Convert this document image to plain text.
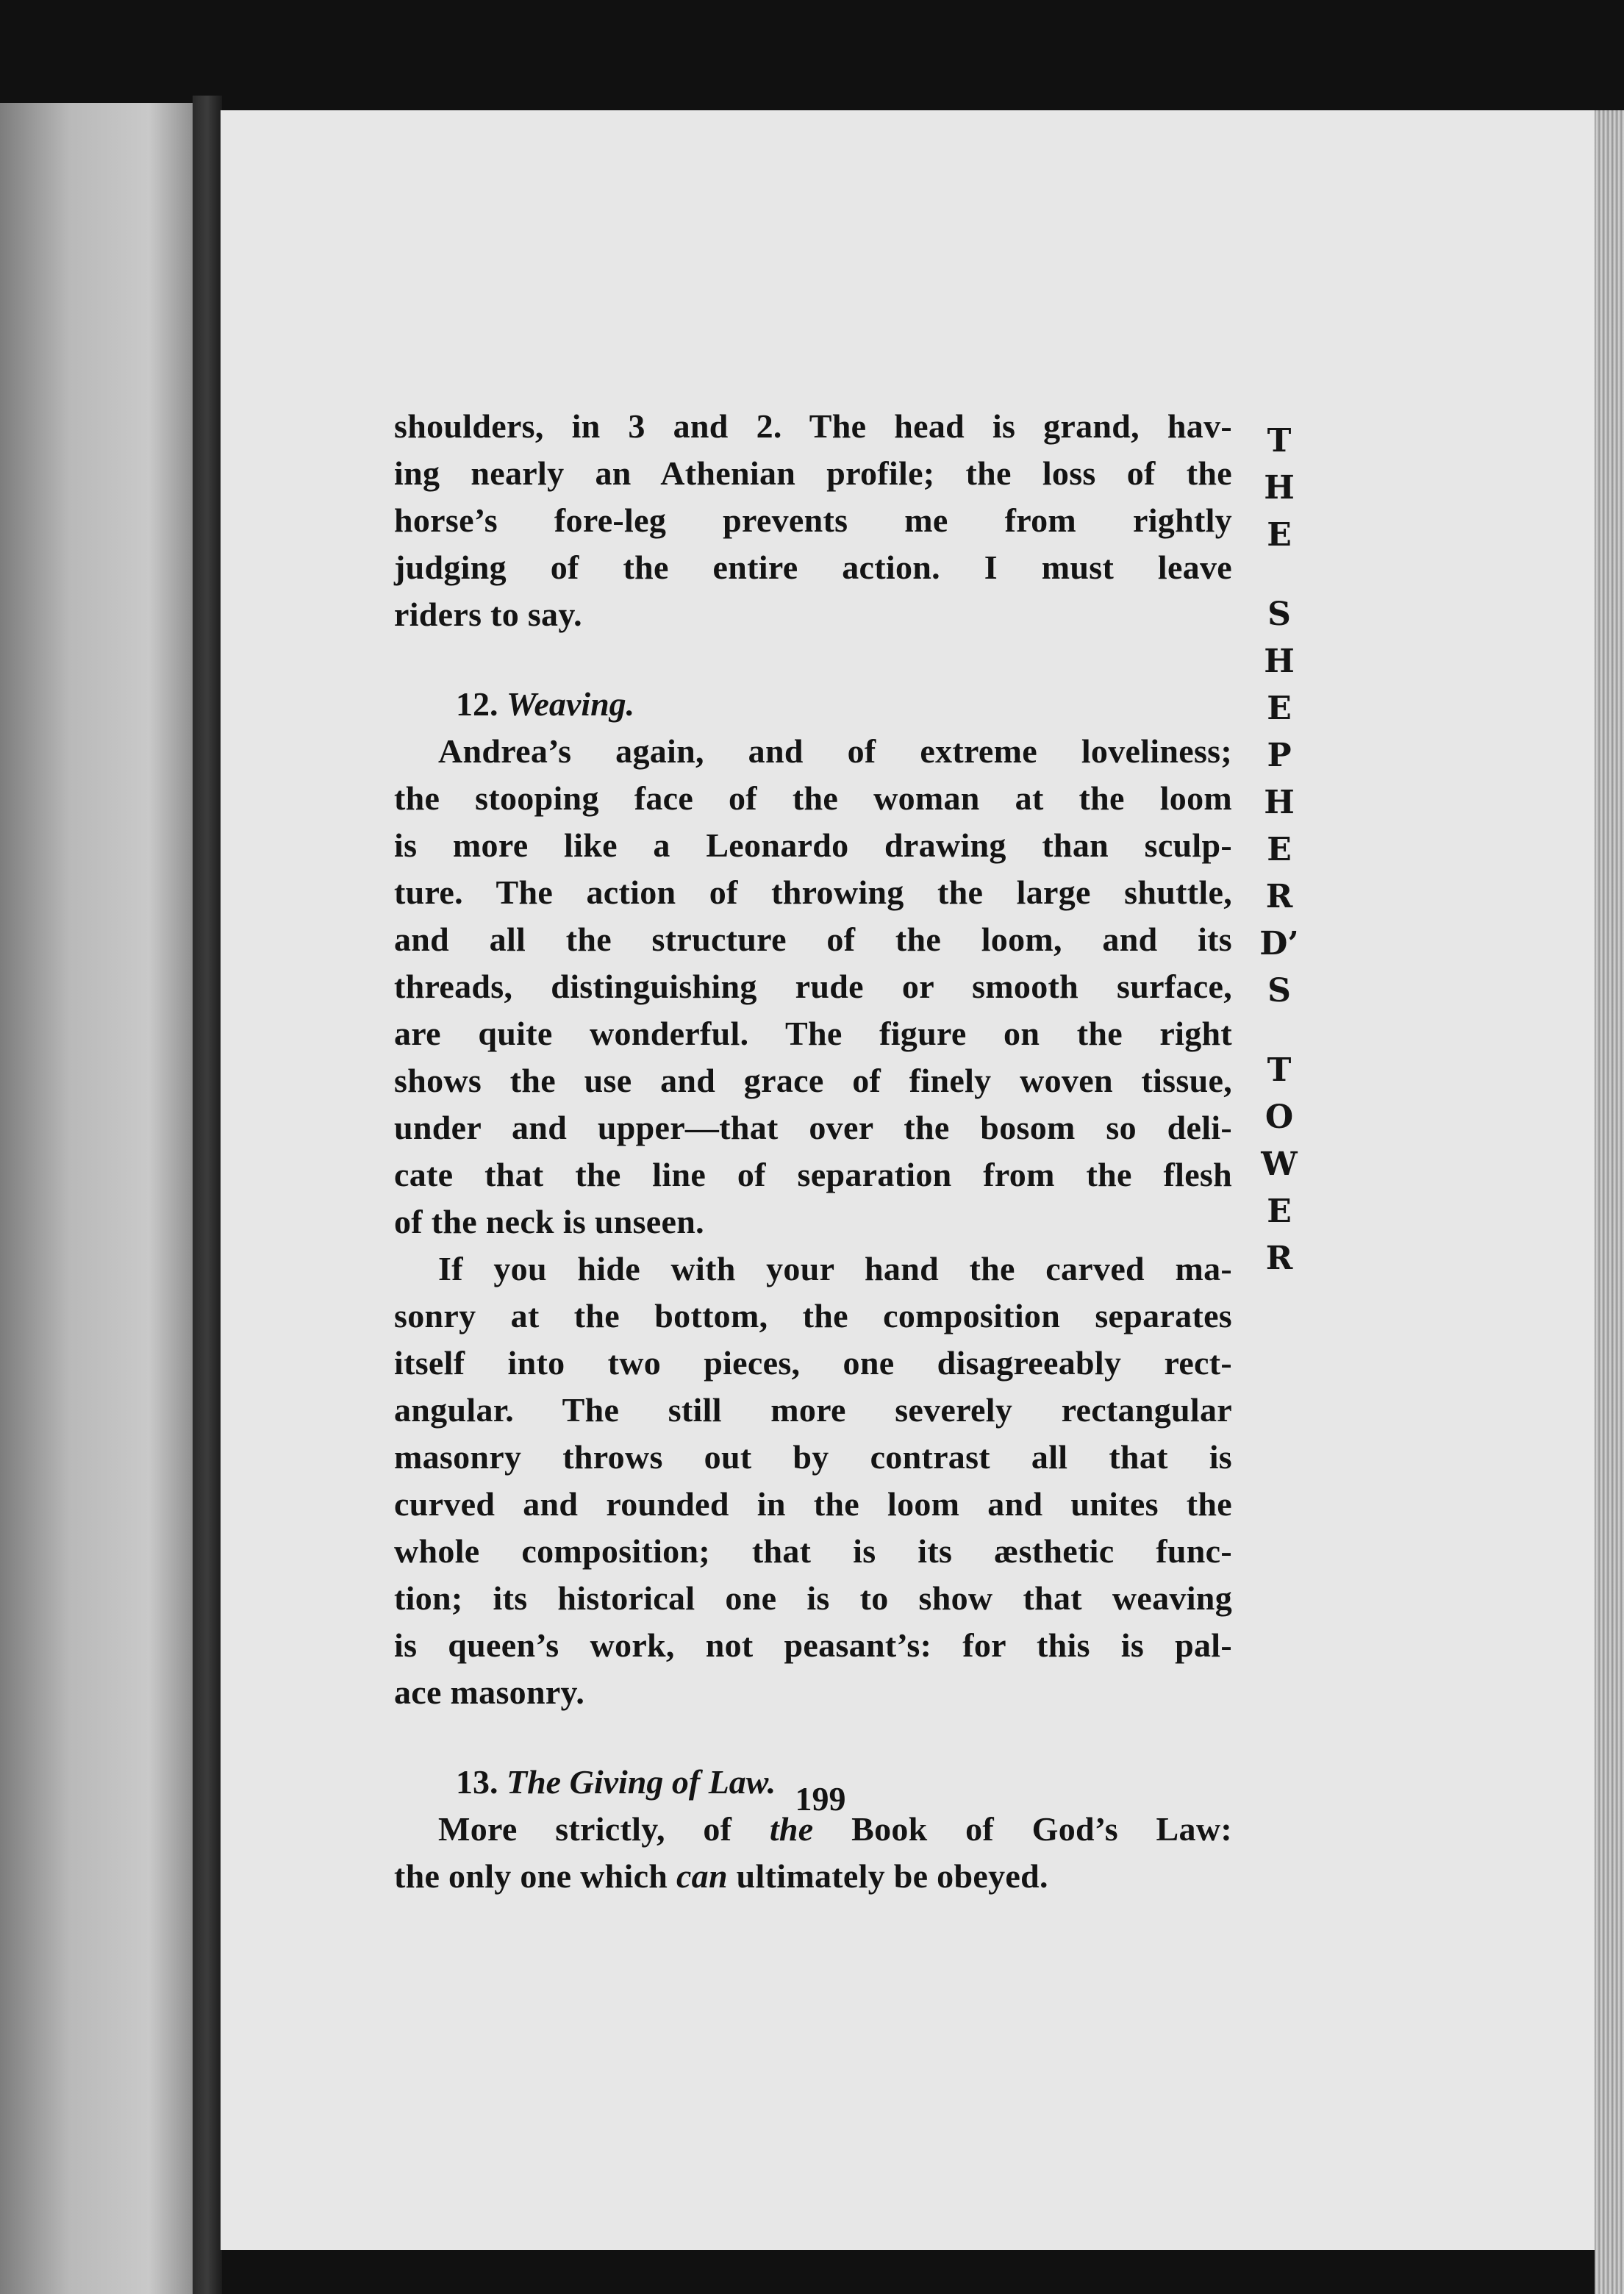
shoulders, in 3 and 2. The head is grand, hav-
ing nearly an Athenian profile; the loss of the
horse’s fore-leg prevents me from rightly
judging of the entire action. I must leave
riders to say.
12. Weaving.
Andrea’s again, and of extreme loveliness;
the stooping face of the woman at the loom
is more like a Leonardo drawing than sculp-
ture. The action of throwing the large shuttle,
and all the structure of the loom, and its
threads, distinguishing rude or smooth surface,
are quite wonderful. The figure on the right
shows the use and grace of finely woven tissue,
under and upper—that over the bosom so deli-
cate that the line of separation from the flesh
of the neck is unseen.
If you hide with your hand the carved ma-
sonry at the bottom, the composition separates
itself into two pieces, one disagreeably rect-
angular. The still more severely rectangular
masonry throws out by contrast all that is
curved and rounded in the loom and unites the
whole composition; that is its æsthetic func-
tion; its historical one is to show that weaving
is queen’s work, not peasant’s: for this is pal-
ace masonry.
13. The Giving of Law.
More strictly, of the Book of God’s Law:
the only one which can ultimately be obeyed.
T
H
E
S
H
E
P
H
E
R
D’
S
T
O
W
E
R
199
